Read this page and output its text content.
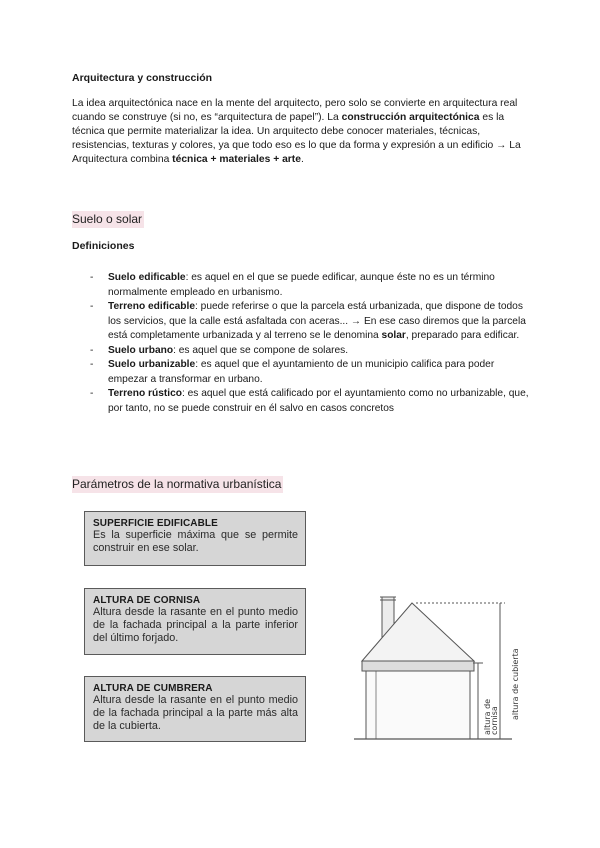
Arquitectura y construcción
La idea arquitectónica nace en la mente del arquitecto, pero solo se convierte en arquitectura real cuando se construye (si no, es “arquitectura de papel”). La construcción arquitectónica es la técnica que permite materializar la idea. Un arquitecto debe conocer materiales, técnicas, resistencias, texturas y colores, ya que todo eso es lo que da forma y expresión a un edificio → La Arquitectura combina técnica + materiales + arte.
Suelo o solar
Definiciones
- Suelo edificable: es aquel en el que se puede edificar, aunque éste no es un término normalmente empleado en urbanismo.
- Terreno edificable: puede referirse o que la parcela está urbanizada, que dispone de todos los servicios, que la calle está asfaltada con aceras... → En ese caso diremos que la parcela está completamente urbanizada y al terreno se le denomina solar, preparado para edificar.
- Suelo urbano: es aquel que se compone de solares.
- Suelo urbanizable: es aquel que el ayuntamiento de un municipio califica para poder empezar a transformar en urbano.
- Terreno rústico: es aquel que está calificado por el ayuntamiento como no urbanizable, que, por tanto, no se puede construir en él salvo en casos concretos
Parámetros de la normativa urbanística
SUPERFICIE EDIFICABLE
Es la superficie máxima que se permite construir en ese solar.
ALTURA DE CORNISA
Altura desde la rasante en el punto medio de la fachada principal a la parte inferior del último forjado.
ALTURA DE CUMBRERA
Altura desde la rasante en el punto medio de la fachada principal a la parte más alta de la cubierta.	altura de
cornisa
altura de cubierta
